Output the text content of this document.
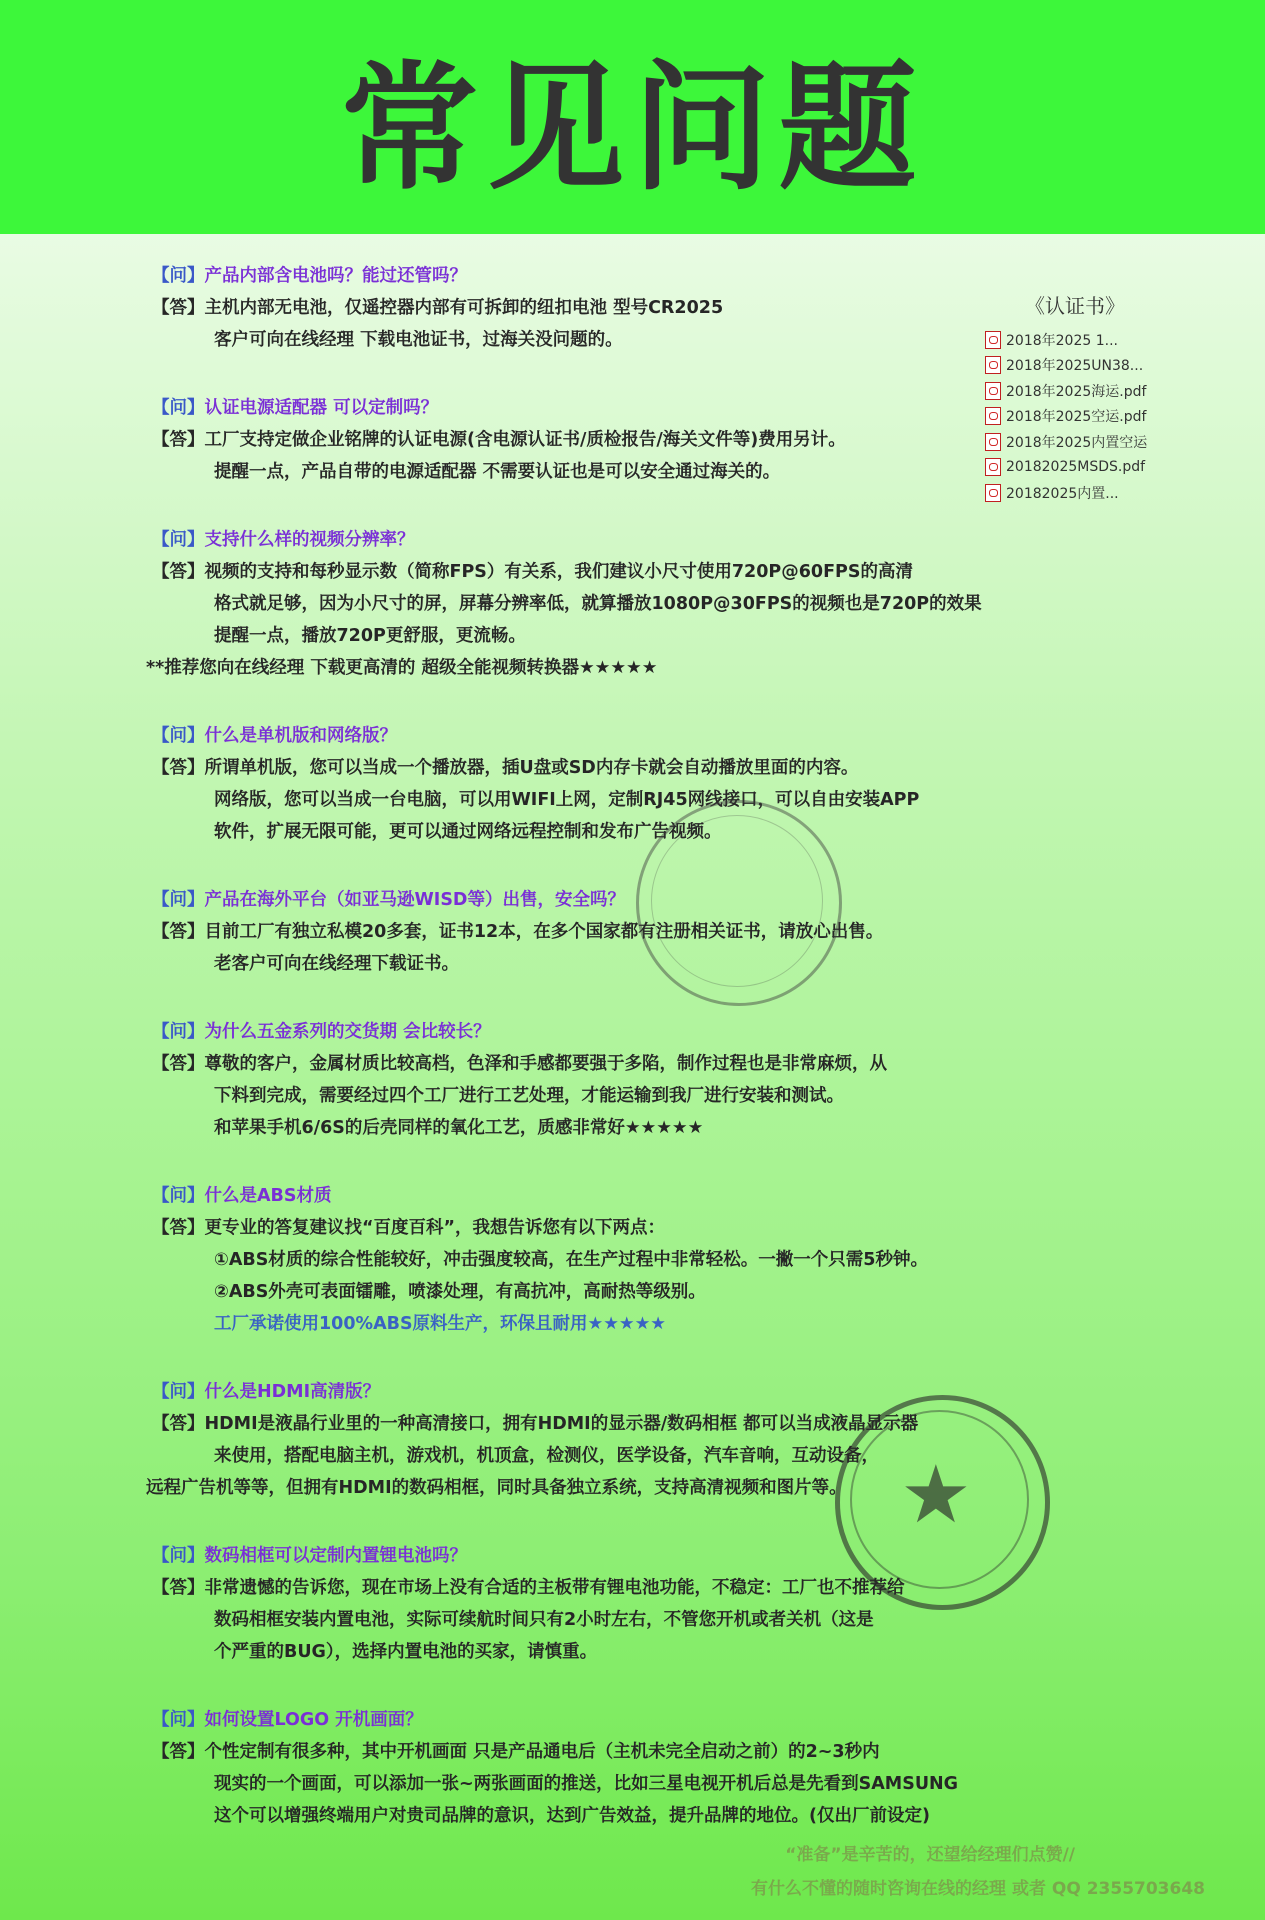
常见问题
【问】产品内部含电池吗？能过还管吗？
【答】主机内部无电池，仅遥控器内部有可拆卸的纽扣电池 型号CR2025
客户可向在线经理 下载电池证书，过海关没问题的。
【问】认证电源适配器 可以定制吗？
【答】工厂支持定做企业铭牌的认证电源(含电源认证书/质检报告/海关文件等)费用另计。
提醒一点，产品自带的电源适配器 不需要认证也是可以安全通过海关的。
【问】支持什么样的视频分辨率？
【答】视频的支持和每秒显示数（简称FPS）有关系，我们建议小尺寸使用720P@60FPS的高清
格式就足够，因为小尺寸的屏，屏幕分辨率低，就算播放1080P@30FPS的视频也是720P的效果
提醒一点，播放720P更舒服，更流畅。
**推荐您向在线经理 下载更高清的 超级全能视频转换器★★★★★
【问】什么是单机版和网络版？
【答】所谓单机版，您可以当成一个播放器，插U盘或SD内存卡就会自动播放里面的内容。
网络版，您可以当成一台电脑，可以用WIFI上网，定制RJ45网线接口，可以自由安装APP
软件，扩展无限可能，更可以通过网络远程控制和发布广告视频。
【问】产品在海外平台（如亚马逊WISD等）出售，安全吗？
【答】目前工厂有独立私模20多套，证书12本，在多个国家都有注册相关证书，请放心出售。
老客户可向在线经理下载证书。
【问】为什么五金系列的交货期 会比较长？
【答】尊敬的客户，金属材质比较高档，色泽和手感都要强于多陷，制作过程也是非常麻烦，从
下料到完成，需要经过四个工厂进行工艺处理，才能运输到我厂进行安装和测试。
和苹果手机6/6S的后壳同样的氧化工艺，质感非常好★★★★★
【问】什么是ABS材质
【答】更专业的答复建议找“百度百科”，我想告诉您有以下两点：
①ABS材质的综合性能较好，冲击强度较高，在生产过程中非常轻松。一撇一个只需5秒钟。
②ABS外壳可表面镭雕，喷漆处理，有高抗冲，高耐热等级别。
工厂承诺使用100%ABS原料生产，环保且耐用★★★★★
【问】什么是HDMI高清版？
【答】HDMI是液晶行业里的一种高清接口，拥有HDMI的显示器/数码相框 都可以当成液晶显示器
来使用，搭配电脑主机，游戏机，机顶盒，检测仪，医学设备，汽车音响，互动设备，
远程广告机等等，但拥有HDMI的数码相框，同时具备独立系统，支持高清视频和图片等。
【问】数码相框可以定制内置锂电池吗？
【答】非常遗憾的告诉您，现在市场上没有合适的主板带有锂电池功能，不稳定：工厂也不推荐给
数码相框安装内置电池，实际可续航时间只有2小时左右，不管您开机或者关机（这是
个严重的BUG），选择内置电池的买家，请慎重。
【问】如何设置LOGO 开机画面？
【答】个性定制有很多种，其中开机画面 只是产品通电后（主机未完全启动之前）的2~3秒内
现实的一个画面，可以添加一张~两张画面的推送，比如三星电视开机后总是先看到SAMSUNG
这个可以增强终端用户对贵司品牌的意识，达到广告效益，提升品牌的地位。(仅出厂前设定)
《认证书》
2018年2025 1...
2018年2025UN38...
2018年2025海运.pdf
2018年2025空运.pdf
2018年2025内置空运
20182025MSDS.pdf
20182025内置...
★
“准备”是辛苦的，还望给经理们点赞//
有什么不懂的随时咨询在线的经理 或者 QQ 2355703648
